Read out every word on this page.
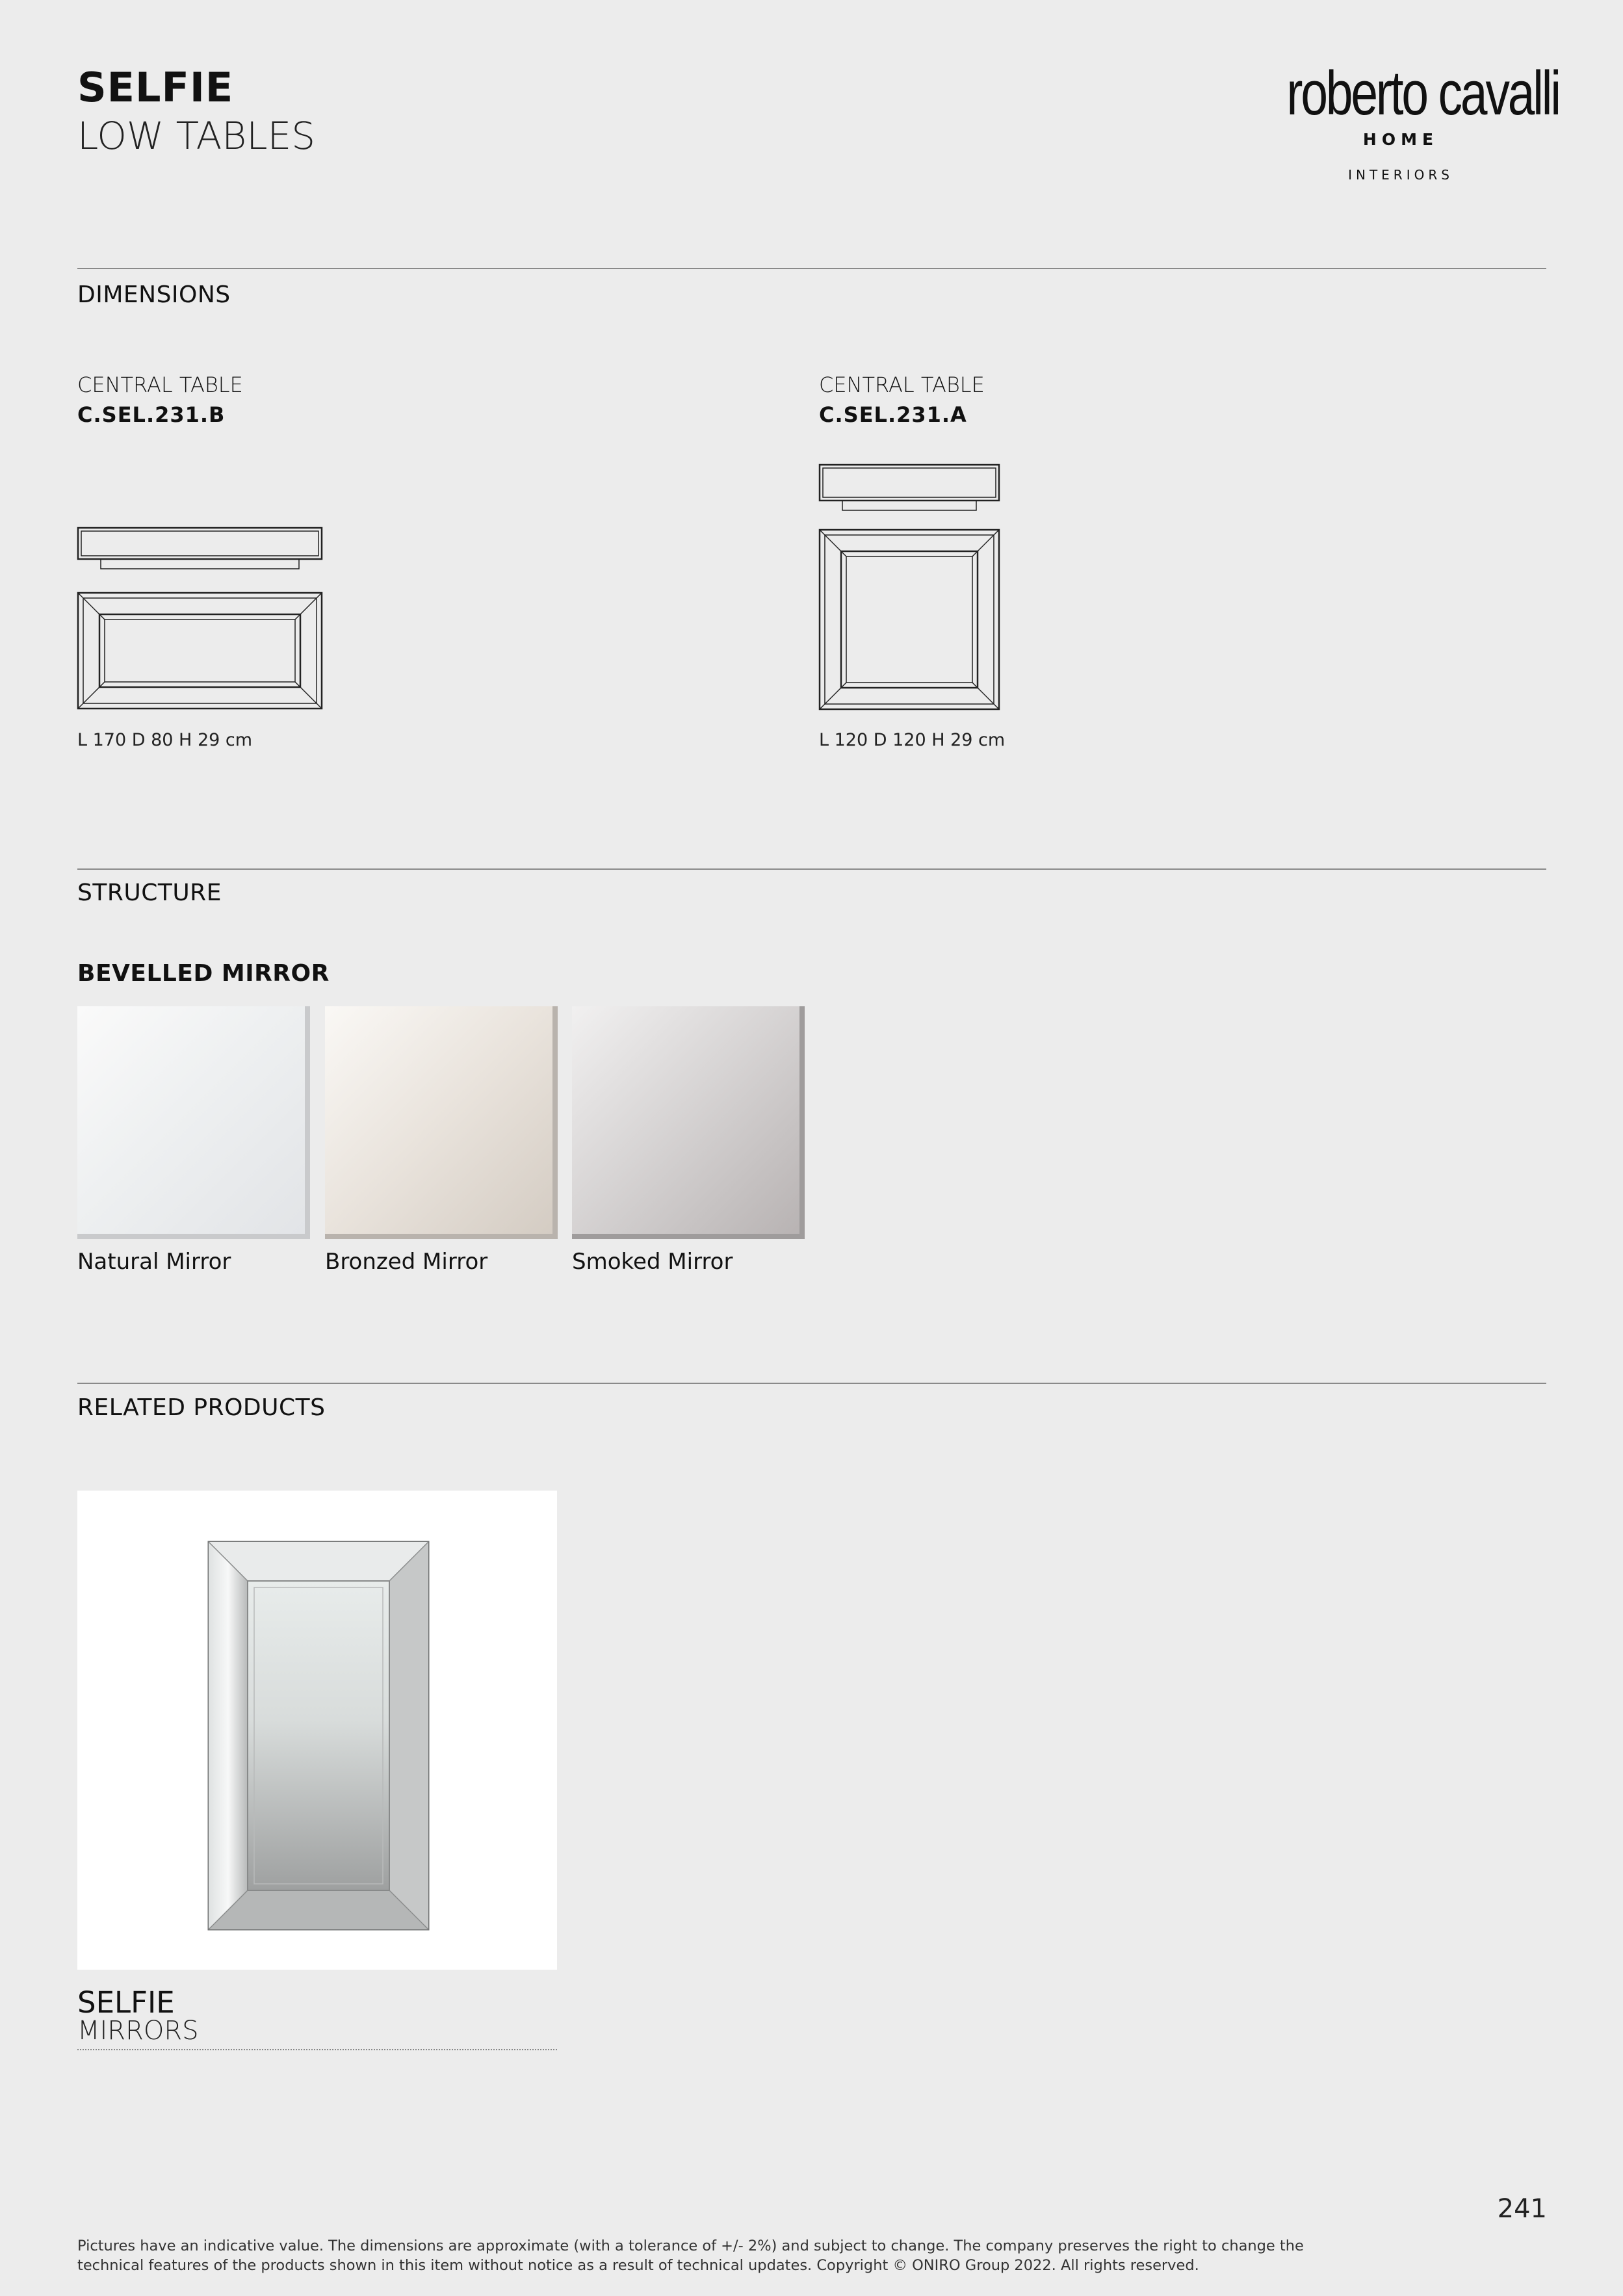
SELFIE
LOW TABLES
roberto cavalli
HOME
INTERIORS
DIMENSIONS
CENTRAL TABLE
C.SEL.231.B
L 170 D 80 H 29 cm
CENTRAL TABLE
C.SEL.231.A
L 120 D 120 H 29 cm
STRUCTURE
BEVELLED MIRROR
Natural Mirror	Bronzed Mirror	Smoked Mirror
RELATED PRODUCTS
SELFIE
MIRRORS
241
Pictures have an indicative value. The dimensions are approximate (with a tolerance of +/- 2%) and subject to change. The company preserves the right to change the
technical features of the products shown in this item without notice as a result of technical updates. Copyright © ONIRO Group 2022. All rights reserved.
